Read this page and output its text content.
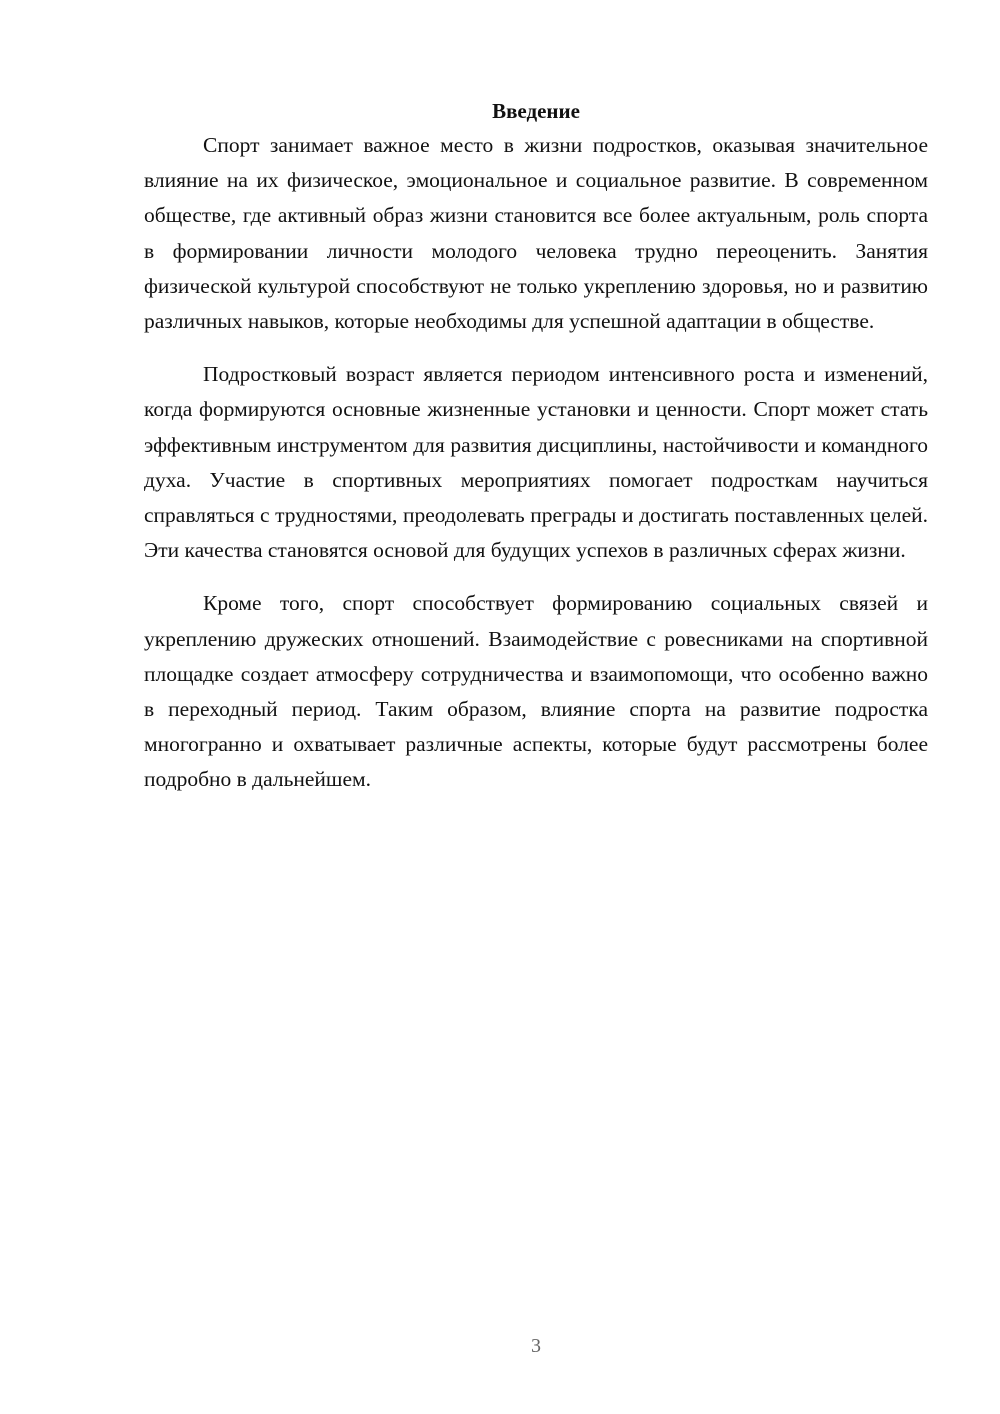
Введение

Спорт занимает важное место в жизни подростков, оказывая значительное влияние на их физическое, эмоциональное и социальное развитие. В современном обществе, где активный образ жизни становится все более актуальным, роль спорта в формировании личности молодого человека трудно переоценить. Занятия физической культурой способствуют не только укреплению здоровья, но и развитию различных навыков, которые необходимы для успешной адаптации в обществе.

Подростковый возраст является периодом интенсивного роста и изменений, когда формируются основные жизненные установки и ценности. Спорт может стать эффективным инструментом для развития дисциплины, настойчивости и командного духа. Участие в спортивных мероприятиях помогает подросткам научиться справляться с трудностями, преодолевать преграды и достигать поставленных целей. Эти качества становятся основой для будущих успехов в различных сферах жизни.

Кроме того, спорт способствует формированию социальных связей и укреплению дружеских отношений. Взаимодействие с ровесниками на спортивной площадке создает атмосферу сотрудничества и взаимопомощи, что особенно важно в переходный период. Таким образом, влияние спорта на развитие подростка многогранно и охватывает различные аспекты, которые будут рассмотрены более подробно в дальнейшем.

3
